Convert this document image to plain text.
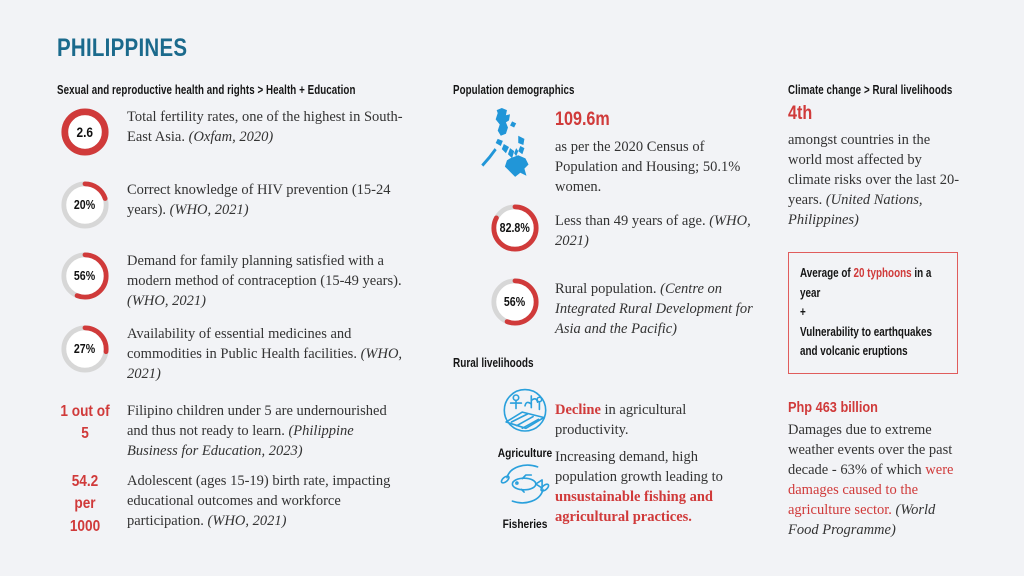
PHILIPPINES
Sexual and reproductive health and rights > Health + Education
2.6
Total fertility rates, one of the highest in South-East Asia. (Oxfam, 2020)
20%
Correct knowledge of HIV prevention (15-24 years). (WHO, 2021)
56%
Demand for family planning satisfied with a modern method of contraception (15-49 years). (WHO, 2021)
27%
Availability of essential medicines and commodities in Public Health facilities. (WHO, 2021)
1 out of
5
Filipino children under 5 are undernourished and thus not ready to learn. (Philippine Business for Education, 2023)
54.2 per
1000
Adolescent (ages 15-19) birth rate, impacting educational outcomes and workforce participation. (WHO, 2021)
Population demographics
109.6m
as per the 2020 Census of Population and Housing; 50.1% women.
82.8% Less than 49 years of age. (WHO, 2021)
56%
Rural population. (Centre on Integrated Rural Development for Asia and the Pacific)
Rural livelihoods
Agriculture
Decline in agricultural productivity.
Fisheries
Increasing demand, high population growth leading to unsustainable fishing and agricultural practices.
Climate change > Rural livelihoods
4th
amongst countries in the world most affected by climate risks over the last 20-years. (United Nations, Philippines)
Average of 20 typhoons in a year
+
Vulnerability to earthquakes and volcanic eruptions
Php 463 billion
Damages due to extreme weather events over the past decade - 63% of which were damages caused to the agriculture sector. (World Food Programme)
